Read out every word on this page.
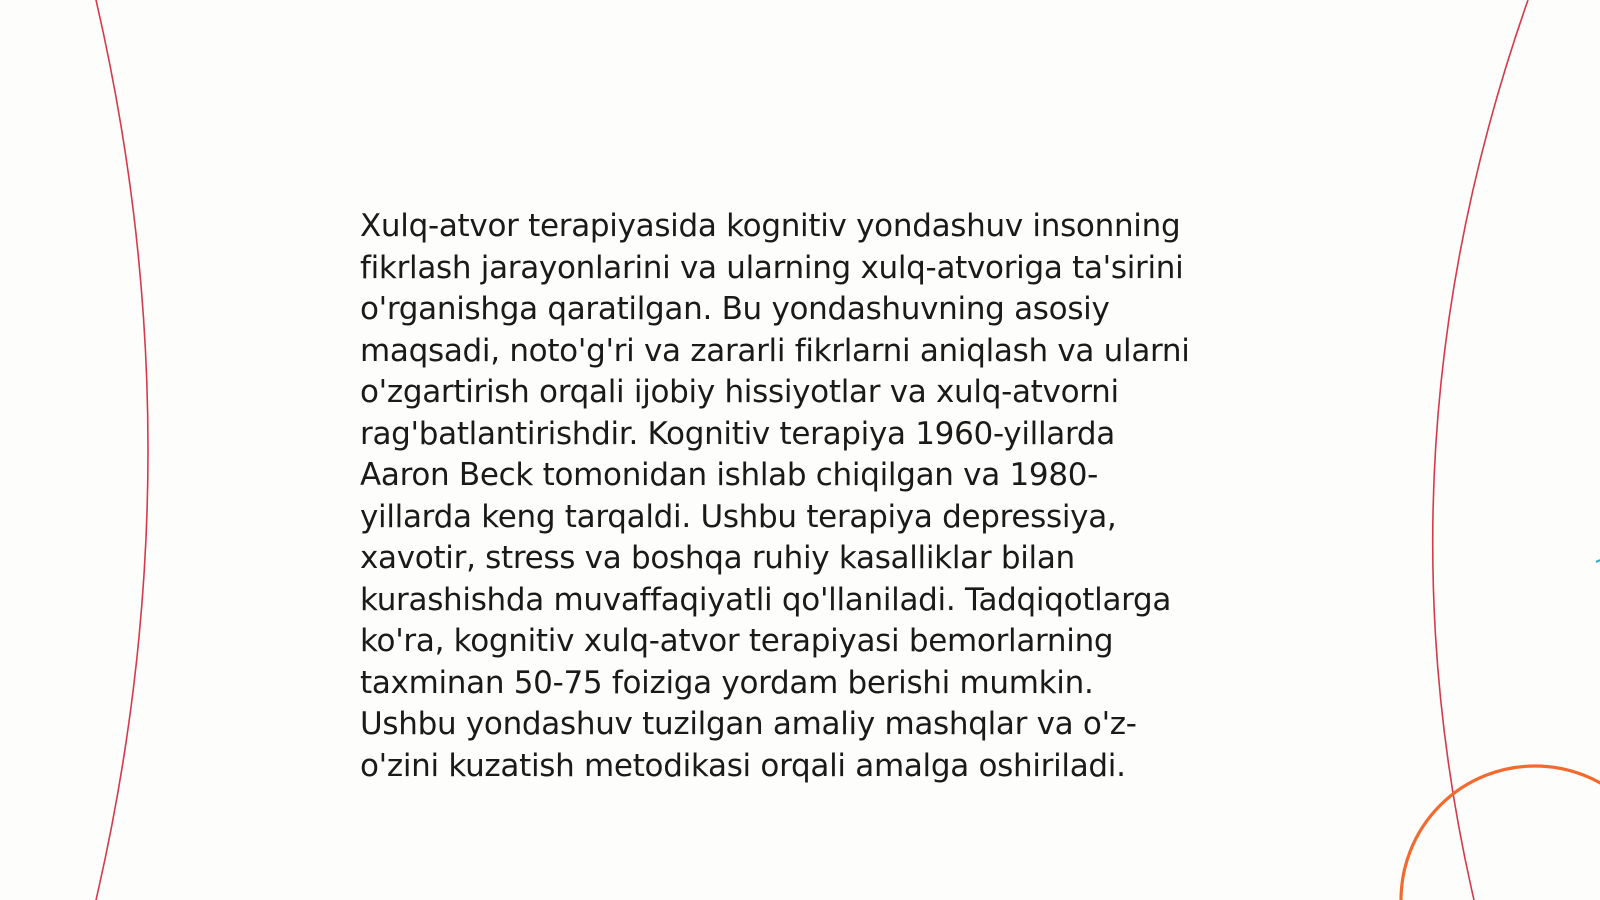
Xulq-atvor terapiyasida kognitiv yondashuv insonning
fikrlash jarayonlarini va ularning xulq-atvoriga ta'sirini
o'rganishga qaratilgan. Bu yondashuvning asosiy
maqsadi, noto'g'ri va zararli fikrlarni aniqlash va ularni
o'zgartirish orqali ijobiy hissiyotlar va xulq-atvorni
rag'batlantirishdir. Kognitiv terapiya 1960-yillarda
Aaron Beck tomonidan ishlab chiqilgan va 1980-
yillarda keng tarqaldi. Ushbu terapiya depressiya,
xavotir, stress va boshqa ruhiy kasalliklar bilan
kurashishda muvaffaqiyatli qo'llaniladi. Tadqiqotlarga
ko'ra, kognitiv xulq-atvor terapiyasi bemorlarning
taxminan 50-75 foiziga yordam berishi mumkin.
Ushbu yondashuv tuzilgan amaliy mashqlar va o'z-
o'zini kuzatish metodikasi orqali amalga oshiriladi.
